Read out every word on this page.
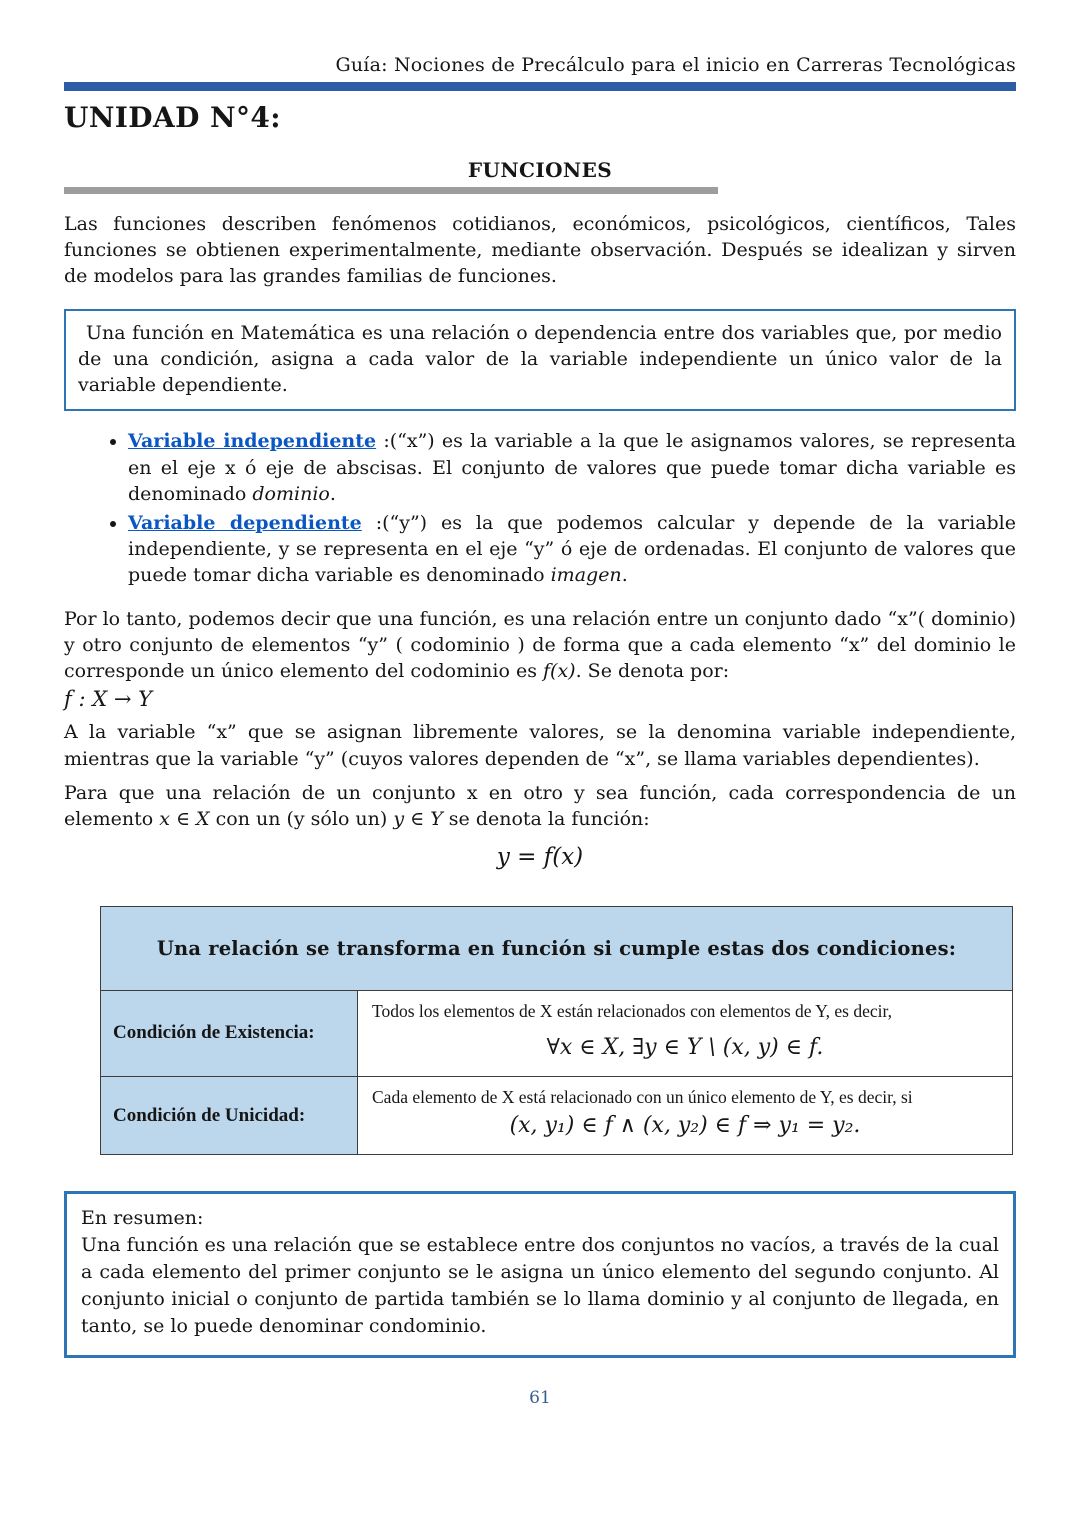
Guía: Nociones de Precálculo para el inicio en Carreras Tecnológicas
UNIDAD N°4:
FUNCIONES

Las funciones describen fenómenos cotidianos, económicos, psicológicos, científicos, Tales funciones se obtienen experimentalmente, mediante observación. Después se idealizan y sirven de modelos para las grandes familias de funciones.

Una función en Matemática es una relación o dependencia entre dos variables que, por medio de una condición, asigna a cada valor de la variable independiente un único valor de la variable dependiente.

• Variable independiente :(“x”) es la variable a la que le asignamos valores, se representa en el eje x ó eje de abscisas. El conjunto de valores que puede tomar dicha variable es denominado dominio.
• Variable dependiente :(“y”) es la que podemos calcular y depende de la variable independiente, y se representa en el eje “y” ó eje de ordenadas. El conjunto de valores que puede tomar dicha variable es denominado imagen.

Por lo tanto, podemos decir que una función, es una relación entre un conjunto dado “x”( dominio) y otro conjunto de elementos “y” ( codominio ) de forma que a cada elemento “x” del dominio le corresponde un único elemento del codominio es f(x). Se denota por:

f : X → Y

A la variable “x” que se asignan libremente valores, se la denomina variable independiente, mientras que la variable “y” (cuyos valores dependen de “x”, se llama variables dependientes).

Para que una relación de un conjunto x en otro y sea función, cada correspondencia de un elemento x ∈ X con un (y sólo un) y ∈ Y se denota la función:

y = f(x)
Una relación se transforma en función si cumple estas dos condiciones:	
Condición de Existencia:	Todos los elementos de X están relacionados con elementos de Y, es decir,
∀x ∈ X, ∃y ∈ Y \ (x, y) ∈ f.

Condición de Unicidad:	Cada elemento de X está relacionado con un único elemento de Y, es decir, si
(x, y₁) ∈ f ∧ (x, y₂) ∈ f ⇒ y₁ = y₂.
En resumen:
Una función es una relación que se establece entre dos conjuntos no vacíos, a través de la cual a cada elemento del primer conjunto se le asigna un único elemento del segundo conjunto. Al conjunto inicial o conjunto de partida también se lo llama dominio y al conjunto de llegada, en tanto, se lo puede denominar condominio.
61
